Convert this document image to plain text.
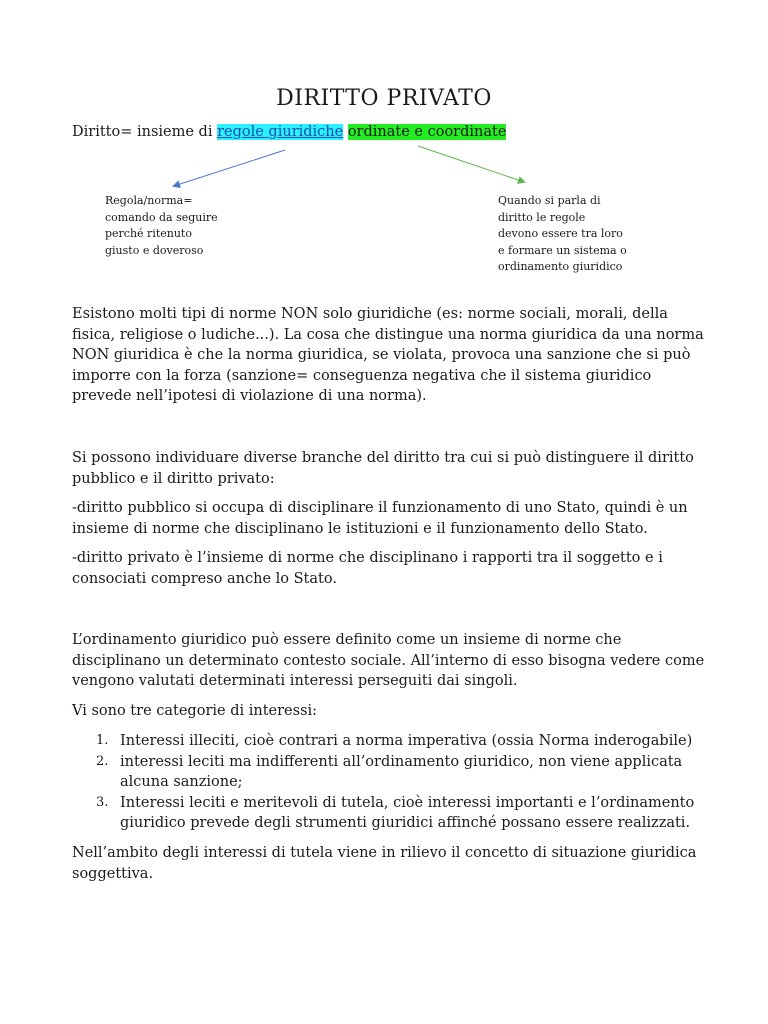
DIRITTO PRIVATO
Diritto= insieme di regole giuridiche ordinate e coordinate
Regola/norma=
comando da seguire
perché ritenuto
giusto e doveroso
Quando si parla di
diritto le regole
devono essere tra loro
e formare un sistema o
ordinamento giuridico

Esistono molti tipi di norme NON solo giuridiche (es: norme sociali, morali, della fisica, religiose o ludiche...). La cosa che distingue una norma giuridica da una norma NON giuridica è che la norma giuridica, se violata, provoca una sanzione che si può imporre con la forza (sanzione= conseguenza negativa che il sistema giuridico prevede nell’ipotesi di violazione di una norma).

Si possono individuare diverse branche del diritto tra cui si può distinguere il diritto pubblico e il diritto privato:

-diritto pubblico si occupa di disciplinare il funzionamento di uno Stato, quindi è un insieme di norme che disciplinano le istituzioni e il funzionamento dello Stato.

-diritto privato è l’insieme di norme che disciplinano i rapporti tra il soggetto e i consociati compreso anche lo Stato.

L’ordinamento giuridico può essere definito come un insieme di norme che disciplinano un determinato contesto sociale. All’interno di esso bisogna vedere come vengono valutati determinati interessi perseguiti dai singoli.

Vi sono tre categorie di interessi:

1. Interessi illeciti, cioè contrari a norma imperativa (ossia Norma inderogabile)
2. interessi leciti ma indifferenti all’ordinamento giuridico, non viene applicata alcuna sanzione;
3. Interessi leciti e meritevoli di tutela, cioè interessi importanti e l’ordinamento giuridico prevede degli strumenti giuridici affinché possano essere realizzati.

Nell’ambito degli interessi di tutela viene in rilievo il concetto di situazione giuridica soggettiva.
